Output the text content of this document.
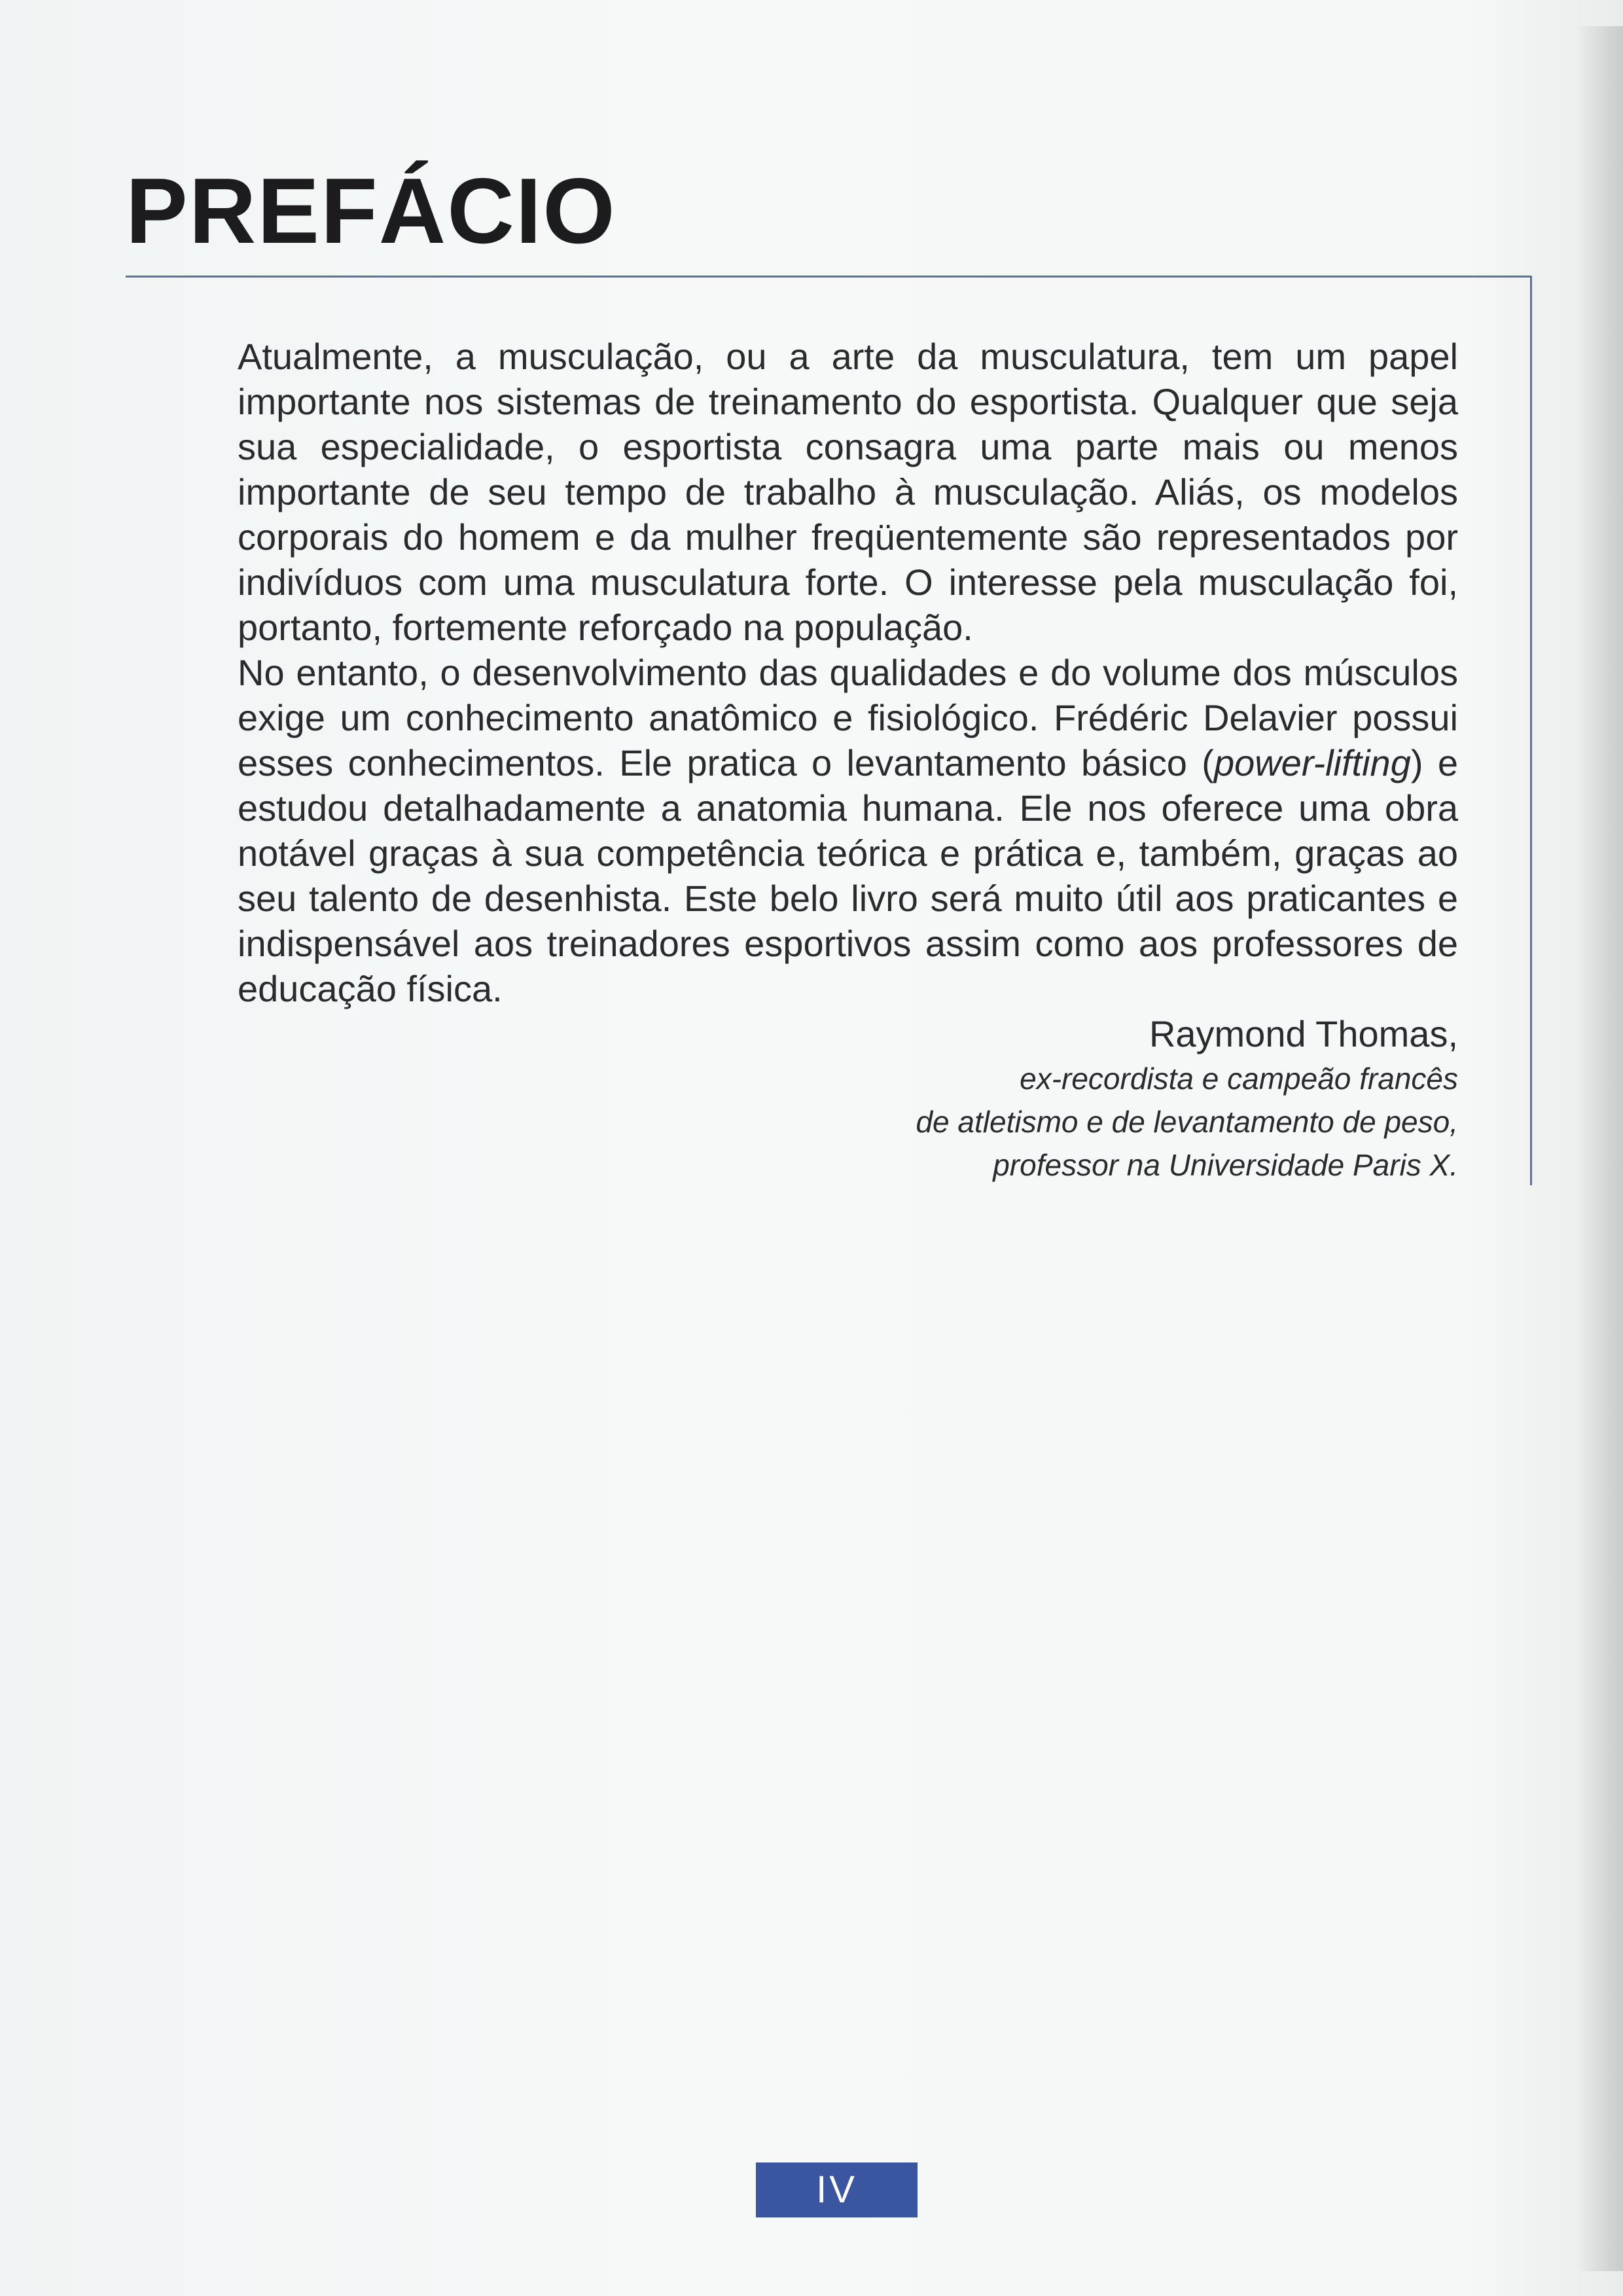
PREFÁCIO

Atualmente, a musculação, ou a arte da musculatura, tem um papel importante nos sistemas de treinamento do esportista. Qualquer que seja sua especialidade, o esportista consagra uma parte mais ou menos importante de seu tempo de trabalho à musculação. Aliás, os modelos corporais do homem e da mulher freqüentemente são representados por indivíduos com uma musculatura forte. O interesse pela musculação foi, portanto, fortemente reforçado na população.

No entanto, o desenvolvimento das qualidades e do volume dos músculos exige um conhecimento anatômico e fisiológico. Frédéric Delavier possui esses conhecimentos. Ele pratica o levantamento básico (power-lifting) e estudou detalhadamente a anatomia humana. Ele nos oferece uma obra notável graças à sua competência teórica e prática e, também, graças ao seu talento de desenhista. Este belo livro será muito útil aos praticantes e indispensável aos treinadores esportivos assim como aos professores de educação física.

Raymond Thomas,
ex-recordista e campeão francês
de atletismo e de levantamento de peso,
professor na Universidade Paris X.
IV
